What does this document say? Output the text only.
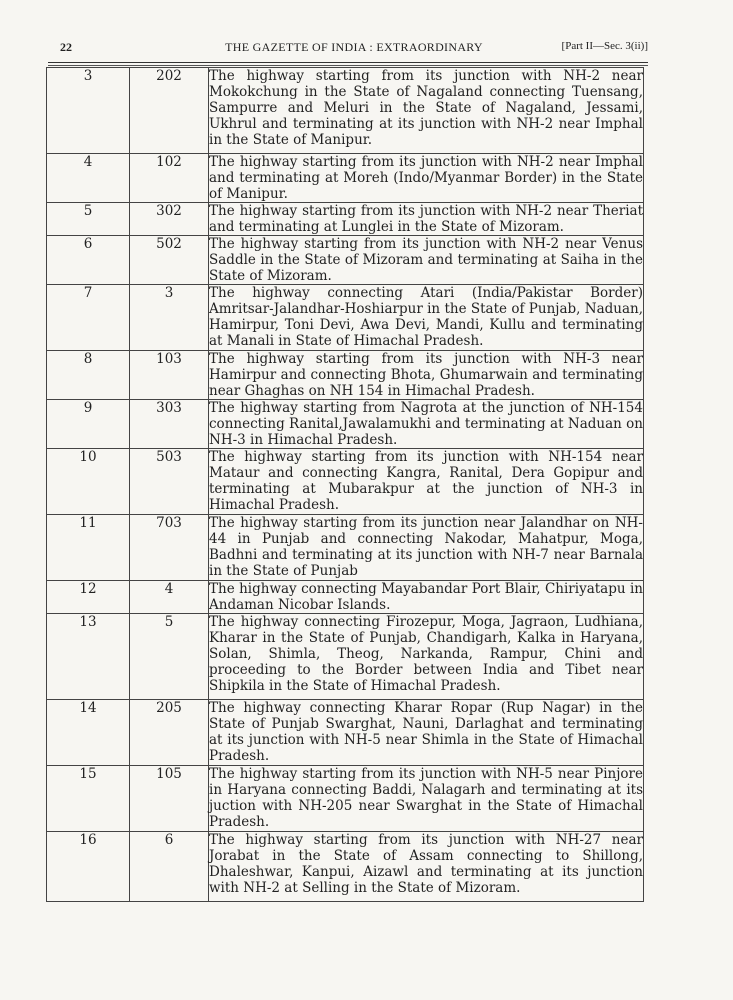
22	THE GAZETTE OF INDIA : EXTRAORDINARY	[Part II—Sec. 3(ii)]
3	202	The highway starting from its junction with NH-2 near Mokokchung in the State of Nagaland connecting Tuensang, Sampurre and Meluri in the State of Nagaland, Jessami, Ukhrul and terminating at its junction with NH-2 near Imphal in the State of Manipur.
4	102	The highway starting from its junction with NH-2 near Imphal and terminating at Moreh (Indo/Myanmar Border) in the State of Manipur.
5	302	The highway starting from its junction with NH-2 near Theriat and terminating at Lunglei in the State of Mizoram.
6	502	The highway starting from its junction with NH-2 near Venus Saddle in the State of Mizoram and terminating at Saiha in the State of Mizoram.
7	3	The highway connecting Atari (India/Pakistar Border) Amritsar-Jalandhar-Hoshiarpur in the State of Punjab, Naduan, Hamirpur, Toni Devi, Awa Devi, Mandi, Kullu and terminating at Manali in State of Himachal Pradesh.
8	103	The highway starting from its junction with NH-3 near Hamirpur and connecting Bhota, Ghumarwain and terminating near Ghaghas on NH 154 in Himachal Pradesh.
9	303	The highway starting from Nagrota at the junction of NH-154 connecting Ranital,Jawalamukhi and terminating at Naduan on NH-3 in Himachal Pradesh.
10	503	The highway starting from its junction with NH-154 near Mataur and connecting Kangra, Ranital, Dera Gopipur and terminating at Mubarakpur at the junction of NH-3 in Himachal Pradesh.
11	703	The highway starting from its junction near Jalandhar on NH-44 in Punjab and connecting Nakodar, Mahatpur, Moga, Badhni and terminating at its junction with NH-7 near Barnala in the State of Punjab
12	4	The highway connecting Mayabandar Port Blair, Chiriyatapu in Andaman Nicobar Islands.
13	5	The highway connecting Firozepur, Moga, Jagraon, Ludhiana, Kharar in the State of Punjab, Chandigarh, Kalka in Haryana, Solan, Shimla, Theog, Narkanda, Rampur, Chini and proceeding to the Border between India and Tibet near Shipkila in the State of Himachal Pradesh.
14	205	The highway connecting Kharar Ropar (Rup Nagar) in the State of Punjab Swarghat, Nauni, Darlaghat and terminating at its junction with NH-5 near Shimla in the State of Himachal Pradesh.
15	105	The highway starting from its junction with NH-5 near Pinjore in Haryana connecting Baddi, Nalagarh and terminating at its juction with NH-205 near Swarghat in the State of Himachal Pradesh.
16	6	The highway starting from its junction with NH-27 near Jorabat in the State of Assam connecting to Shillong, Dhaleshwar, Kanpui, Aizawl and terminating at its junction with NH-2 at Selling in the State of Mizoram.
